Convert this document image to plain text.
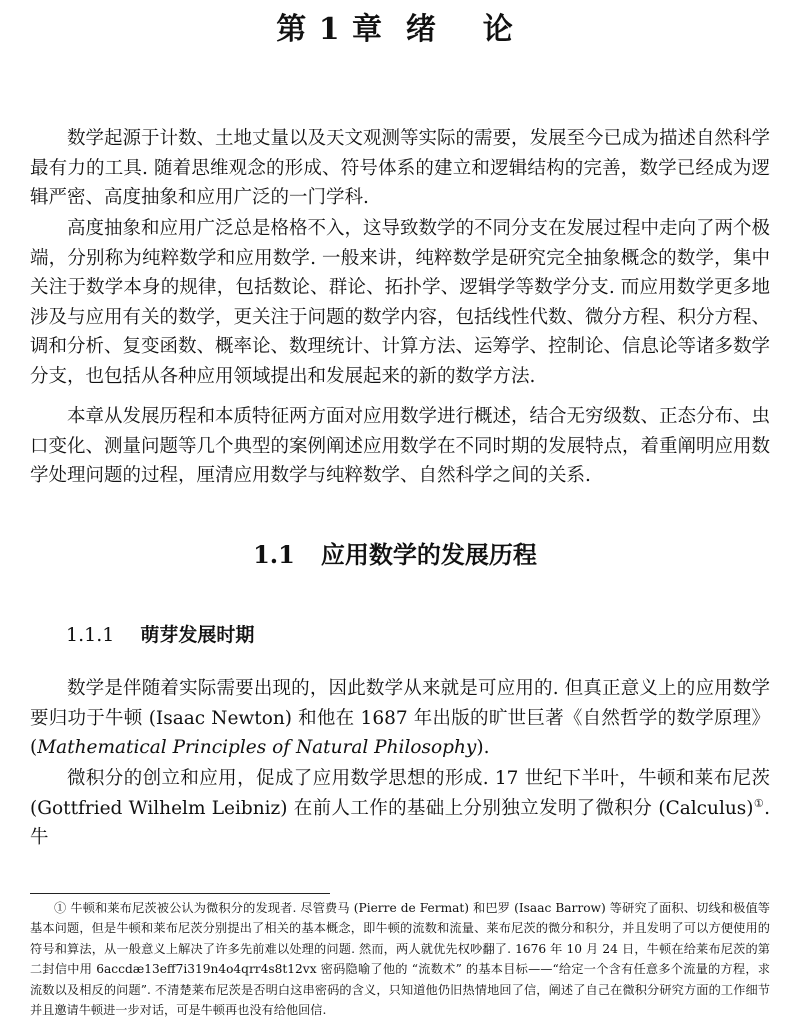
第 1 章  绪    论

数学起源于计数、土地丈量以及天文观测等实际的需要，发展至今已成为描述自然科学最有力的工具. 随着思维观念的形成、符号体系的建立和逻辑结构的完善，数学已经成为逻辑严密、高度抽象和应用广泛的一门学科.

高度抽象和应用广泛总是格格不入，这导致数学的不同分支在发展过程中走向了两个极端，分别称为纯粹数学和应用数学. 一般来讲，纯粹数学是研究完全抽象概念的数学，集中关注于数学本身的规律，包括数论、群论、拓扑学、逻辑学等数学分支. 而应用数学更多地涉及与应用有关的数学，更关注于问题的数学内容，包括线性代数、微分方程、积分方程、调和分析、复变函数、概率论、数理统计、计算方法、运筹学、控制论、信息论等诸多数学分支，也包括从各种应用领域提出和发展起来的新的数学方法.

本章从发展历程和本质特征两方面对应用数学进行概述，结合无穷级数、正态分布、虫口变化、测量问题等几个典型的案例阐述应用数学在不同时期的发展特点，着重阐明应用数学处理问题的过程，厘清应用数学与纯粹数学、自然科学之间的关系.

1.1 应用数学的发展历程
1.1.1 萌芽发展时期

数学是伴随着实际需要出现的，因此数学从来就是可应用的. 但真正意义上的应用数学要归功于牛顿 (Isaac Newton) 和他在 1687 年出版的旷世巨著《自然哲学的数学原理》(Mathematical Principles of Natural Philosophy).

微积分的创立和应用，促成了应用数学思想的形成. 17 世纪下半叶，牛顿和莱布尼茨 (Gottfried Wilhelm Leibniz) 在前人工作的基础上分别独立发明了微积分 (Calculus)①. 牛

① 牛顿和莱布尼茨被公认为微积分的发现者. 尽管费马 (Pierre de Fermat) 和巴罗 (Isaac Barrow) 等研究了面积、切线和极值等基本问题，但是牛顿和莱布尼茨分别提出了相关的基本概念，即牛顿的流数和流量、莱布尼茨的微分和积分，并且发明了可以方便使用的符号和算法，从一般意义上解决了许多先前难以处理的问题. 然而，两人就优先权吵翻了. 1676 年 10 月 24 日，牛顿在给莱布尼茨的第二封信中用 6accdæ13eff7i319n4o4qrr4s8t12vx 密码隐喻了他的 “流数术” 的基本目标——“给定一个含有任意多个流量的方程，求流数以及相反的问题”. 不清楚莱布尼茨是否明白这串密码的含义，只知道他仍旧热情地回了信，阐述了自己在微积分研究方面的工作细节并且邀请牛顿进一步对话，可是牛顿再也没有给他回信.
